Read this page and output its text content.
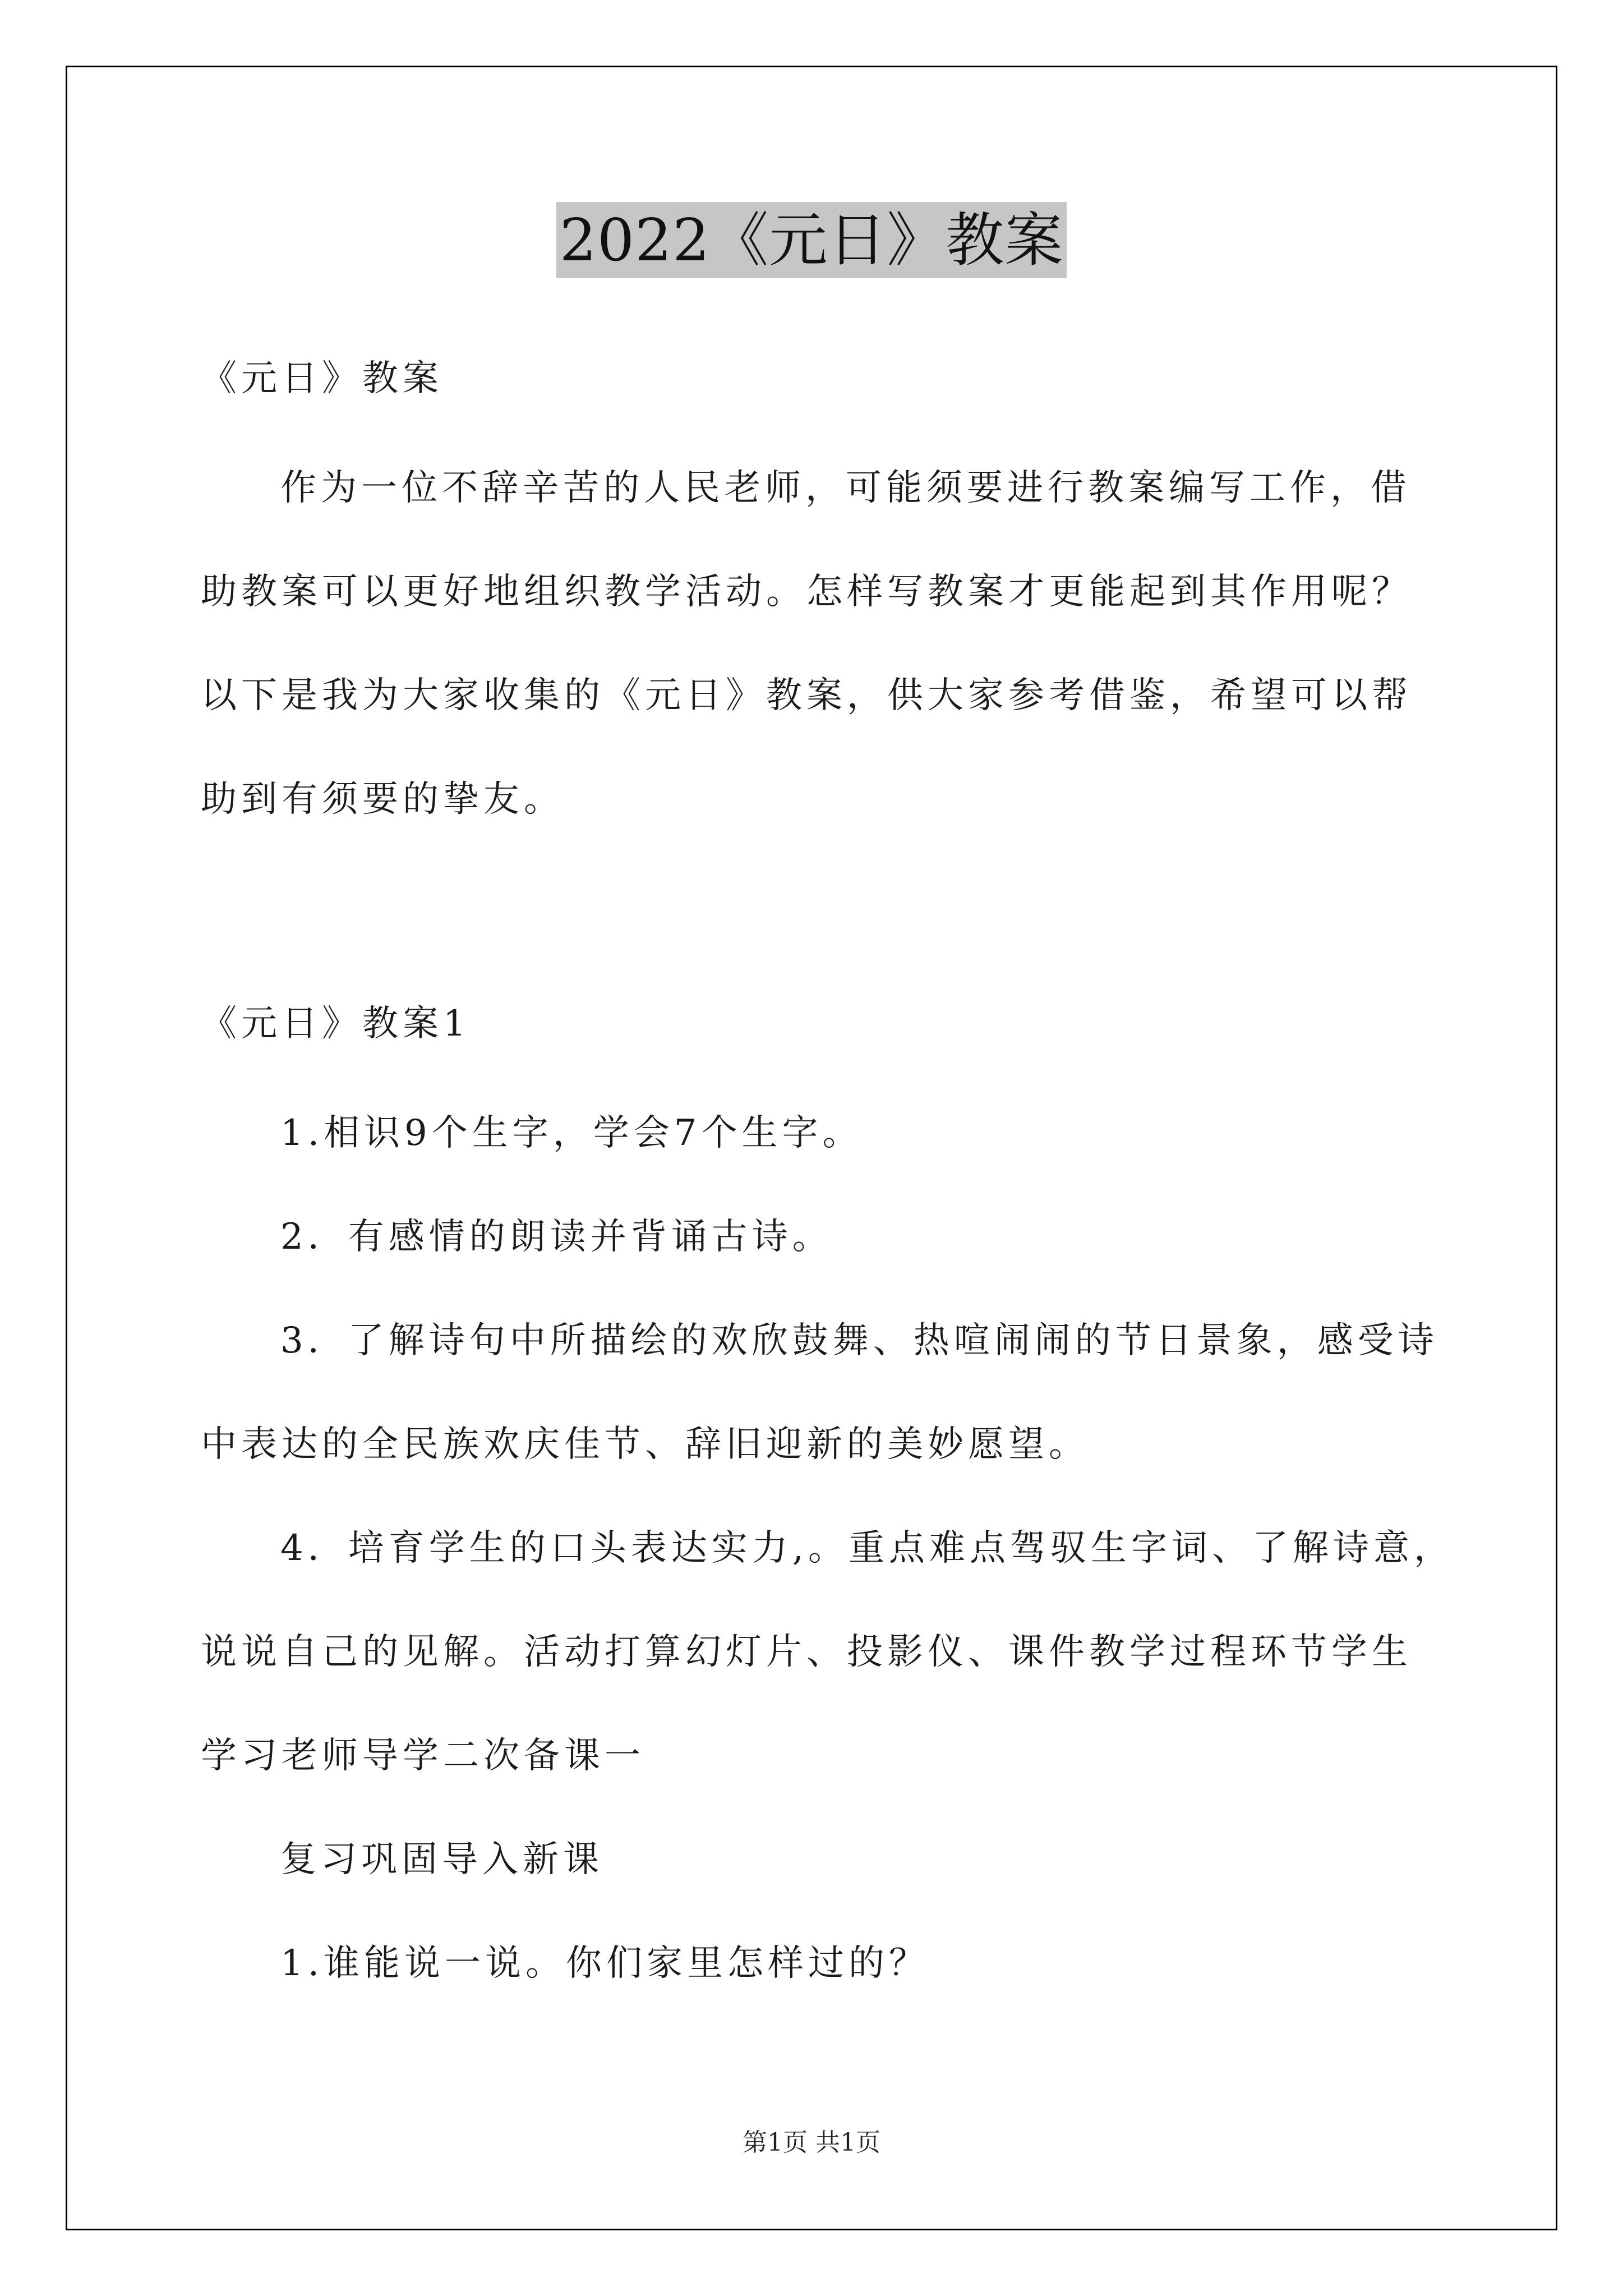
2022《元日》教案
《元日》教案
作为一位不辞辛苦的人民老师，可能须要进行教案编写工作，借
助教案可以更好地组织教学活动。怎样写教案才更能起到其作用呢？
以下是我为大家收集的《元日》教案，供大家参考借鉴，希望可以帮
助到有须要的挚友。
《元日》教案1
1.相识9个生字，学会7个生字。
2．有感情的朗读并背诵古诗。
3．了解诗句中所描绘的欢欣鼓舞、热喧闹闹的节日景象，感受诗
中表达的全民族欢庆佳节、辞旧迎新的美妙愿望。
4．培育学生的口头表达实力,。重点难点驾驭生字词、了解诗意，
说说自己的见解。活动打算幻灯片、投影仪、课件教学过程环节学生
学习老师导学二次备课一
复习巩固导入新课
1.谁能说一说。你们家里怎样过的？
第1页 共1页
